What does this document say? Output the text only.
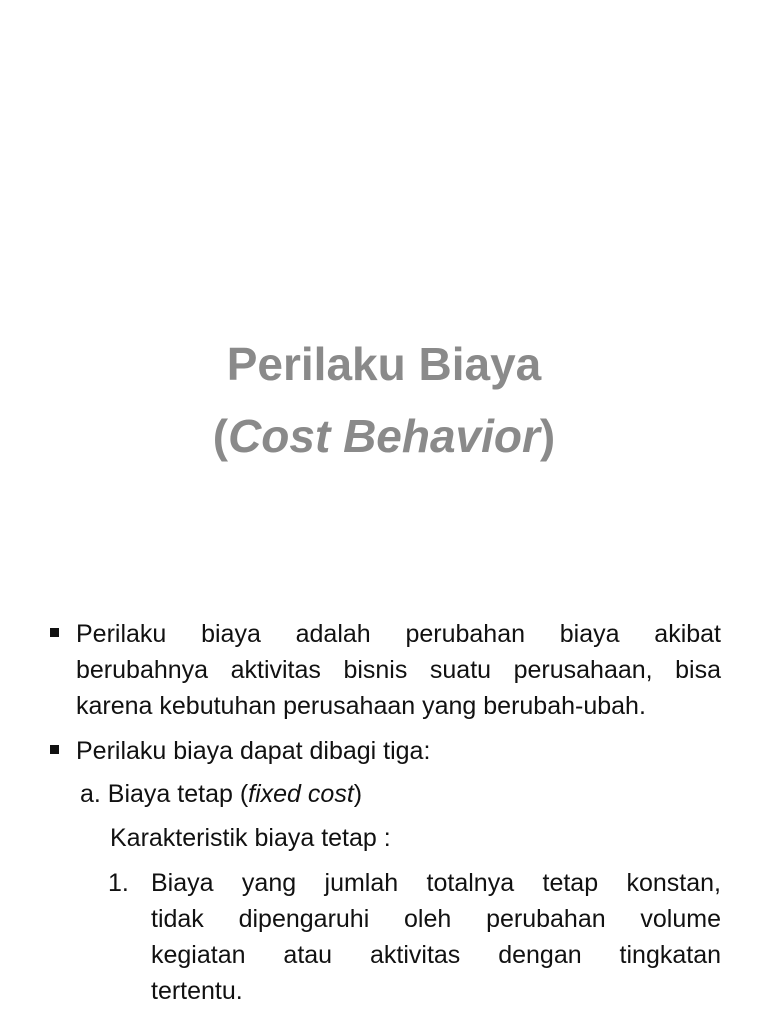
Perilaku Biaya
(Cost Behavior)

Perilaku biaya adalah perubahan biaya akibat
berubahnya aktivitas bisnis suatu perusahaan, bisa
karena kebutuhan perusahaan yang berubah-ubah.

Perilaku biaya dapat dibagi tiga:

a. Biaya tetap (fixed cost)

Karakteristik biaya tetap :

1. Biaya yang jumlah totalnya tetap konstan,
tidak dipengaruhi oleh perubahan volume
kegiatan atau aktivitas dengan tingkatan
tertentu.
